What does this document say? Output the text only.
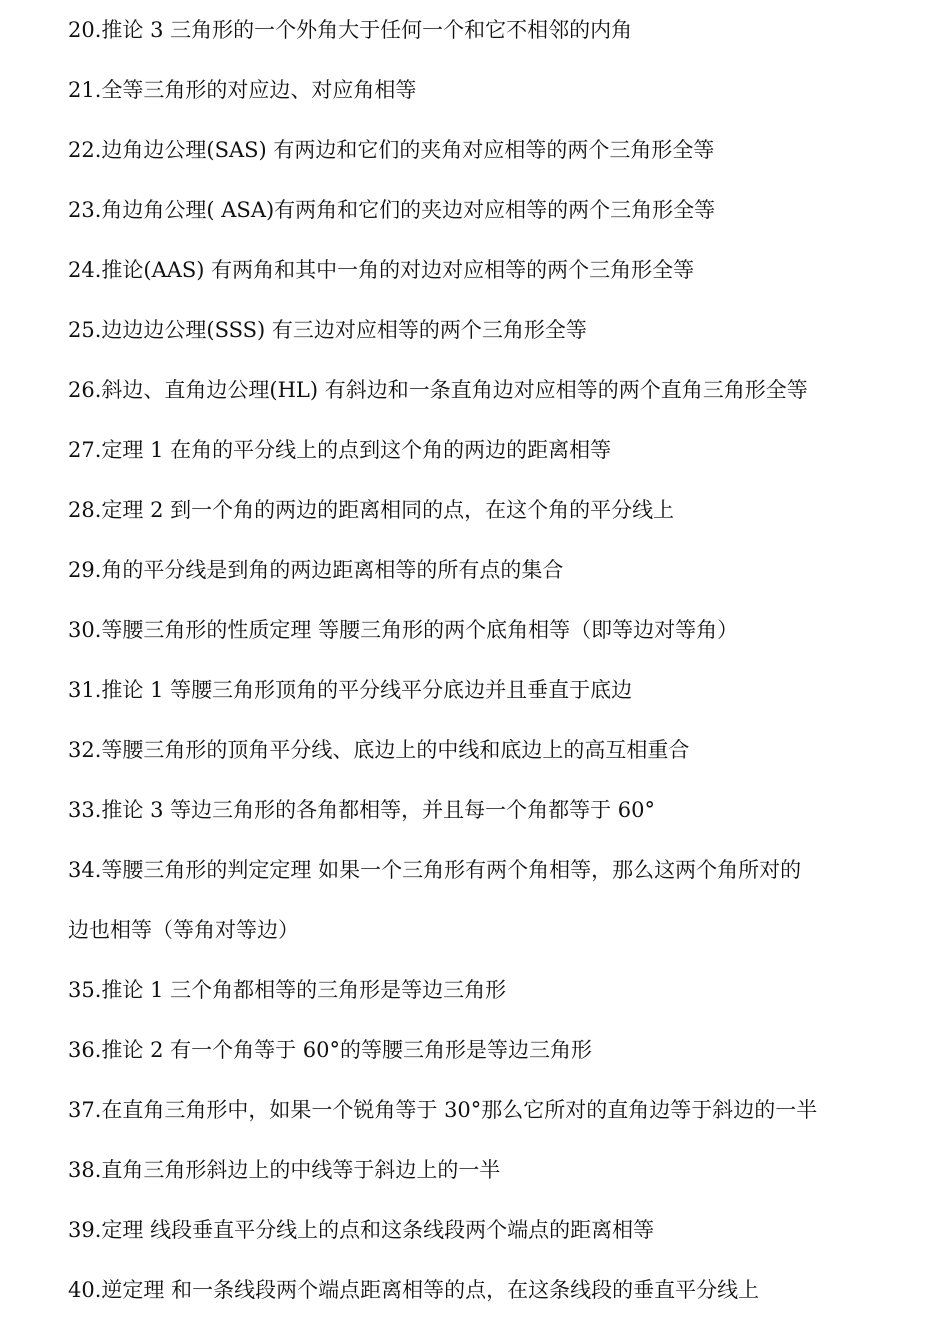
20.推论 3 三角形的一个外角大于任何一个和它不相邻的内角
21.全等三角形的对应边、对应角相等
22.边角边公理(SAS) 有两边和它们的夹角对应相等的两个三角形全等
23.角边角公理( ASA)有两角和它们的夹边对应相等的两个三角形全等
24.推论(AAS) 有两角和其中一角的对边对应相等的两个三角形全等
25.边边边公理(SSS) 有三边对应相等的两个三角形全等
26.斜边、直角边公理(HL) 有斜边和一条直角边对应相等的两个直角三角形全等
27.定理 1 在角的平分线上的点到这个角的两边的距离相等
28.定理 2 到一个角的两边的距离相同的点，在这个角的平分线上
29.角的平分线是到角的两边距离相等的所有点的集合
30.等腰三角形的性质定理 等腰三角形的两个底角相等（即等边对等角）
31.推论 1 等腰三角形顶角的平分线平分底边并且垂直于底边
32.等腰三角形的顶角平分线、底边上的中线和底边上的高互相重合
33.推论 3 等边三角形的各角都相等，并且每一个角都等于 60°
34.等腰三角形的判定定理 如果一个三角形有两个角相等，那么这两个角所对的
边也相等（等角对等边）
35.推论 1 三个角都相等的三角形是等边三角形
36.推论 2 有一个角等于 60°的等腰三角形是等边三角形
37.在直角三角形中，如果一个锐角等于 30°那么它所对的直角边等于斜边的一半
38.直角三角形斜边上的中线等于斜边上的一半
39.定理 线段垂直平分线上的点和这条线段两个端点的距离相等
40.逆定理 和一条线段两个端点距离相等的点，在这条线段的垂直平分线上
